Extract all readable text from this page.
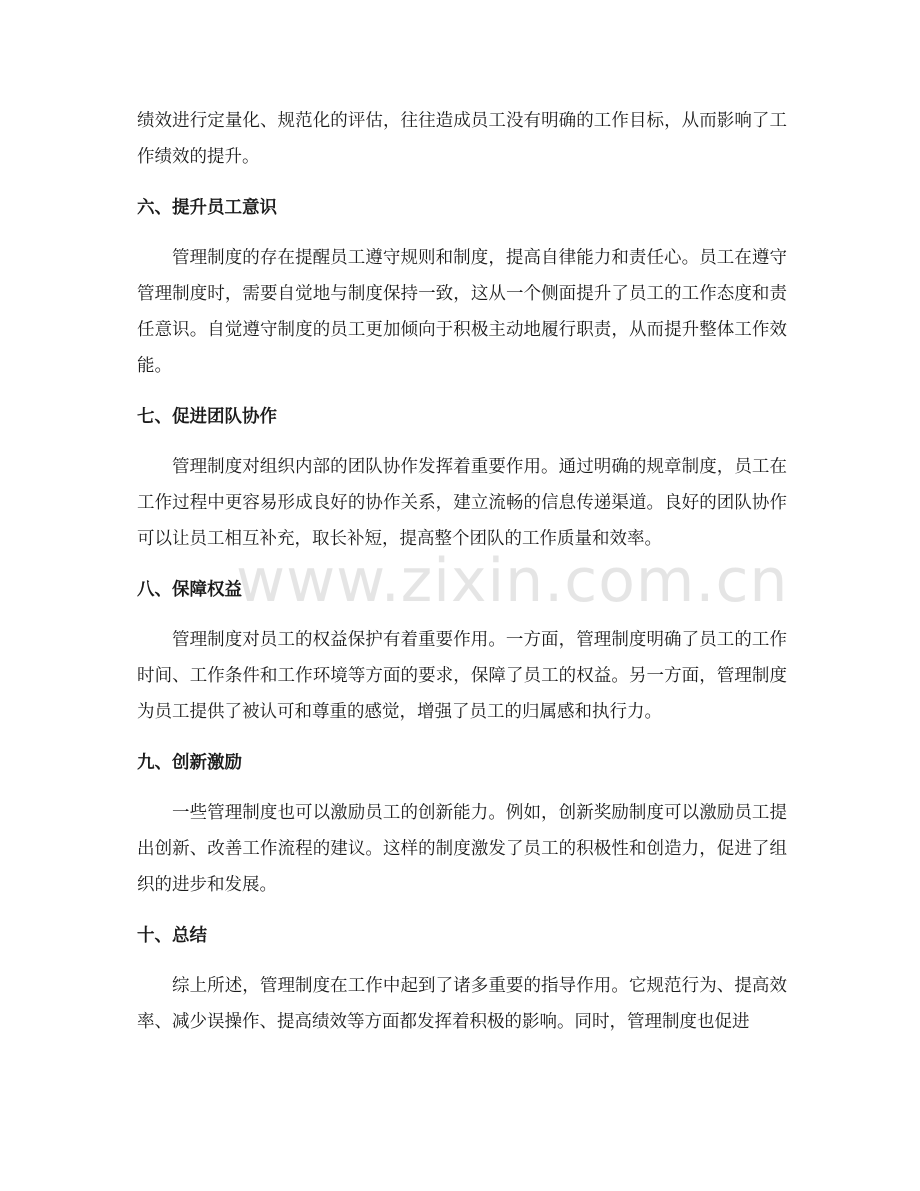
绩效进行定量化、规范化的评估，往往造成员工没有明确的工作目标，从而影响了工作绩效的提升。

六、提升员工意识

管理制度的存在提醒员工遵守规则和制度，提高自律能力和责任心。员工在遵守管理制度时，需要自觉地与制度保持一致，这从一个侧面提升了员工的工作态度和责任意识。自觉遵守制度的员工更加倾向于积极主动地履行职责，从而提升整体工作效能。

七、促进团队协作

管理制度对组织内部的团队协作发挥着重要作用。通过明确的规章制度，员工在工作过程中更容易形成良好的协作关系，建立流畅的信息传递渠道。良好的团队协作可以让员工相互补充，取长补短，提高整个团队的工作质量和效率。

八、保障权益

管理制度对员工的权益保护有着重要作用。一方面，管理制度明确了员工的工作时间、工作条件和工作环境等方面的要求，保障了员工的权益。另一方面，管理制度为员工提供了被认可和尊重的感觉，增强了员工的归属感和执行力。

九、创新激励

一些管理制度也可以激励员工的创新能力。例如，创新奖励制度可以激励员工提出创新、改善工作流程的建议。这样的制度激发了员工的积极性和创造力，促进了组织的进步和发展。

十、总结

综上所述，管理制度在工作中起到了诸多重要的指导作用。它规范行为、提高效率、减少误操作、提高绩效等方面都发挥着积极的影响。同时，管理制度也促进

www.zixin.com.cn
